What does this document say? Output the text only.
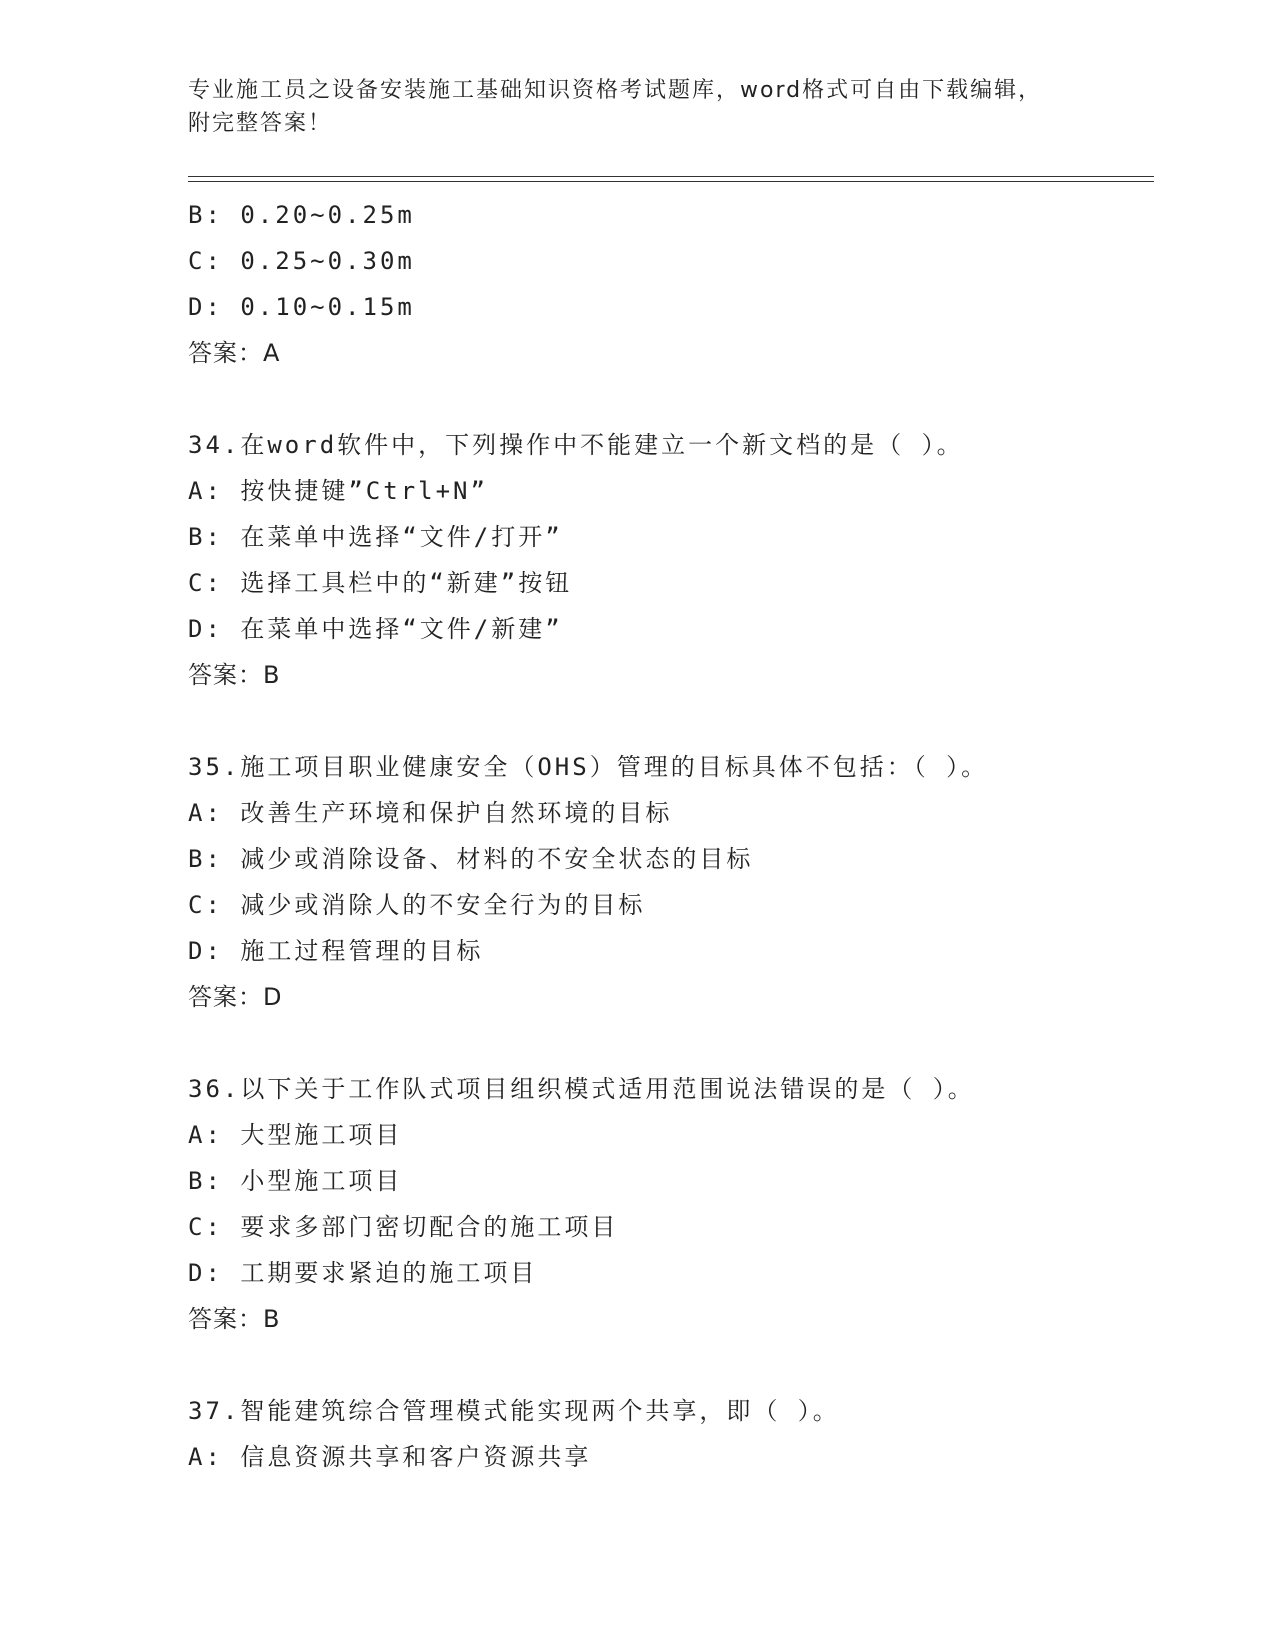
专业施工员之设备安装施工基础知识资格考试题库，word格式可自由下载编辑，
附完整答案！
B: 0.20~0.25m
C: 0.25~0.30m
D: 0.10~0.15m
答案：A
34.在word软件中，下列操作中不能建立一个新文档的是（ ）。
A: 按快捷键”Ctrl+N”
B: 在菜单中选择“文件/打开”
C: 选择工具栏中的“新建”按钮
D: 在菜单中选择“文件/新建”
答案：B
35.施工项目职业健康安全（OHS）管理的目标具体不包括：（ ）。
A: 改善生产环境和保护自然环境的目标
B: 减少或消除设备、材料的不安全状态的目标
C: 减少或消除人的不安全行为的目标
D: 施工过程管理的目标
答案：D
36.以下关于工作队式项目组织模式适用范围说法错误的是（ ）。
A: 大型施工项目
B: 小型施工项目
C: 要求多部门密切配合的施工项目
D: 工期要求紧迫的施工项目
答案：B
37.智能建筑综合管理模式能实现两个共享，即（ ）。
A: 信息资源共享和客户资源共享
